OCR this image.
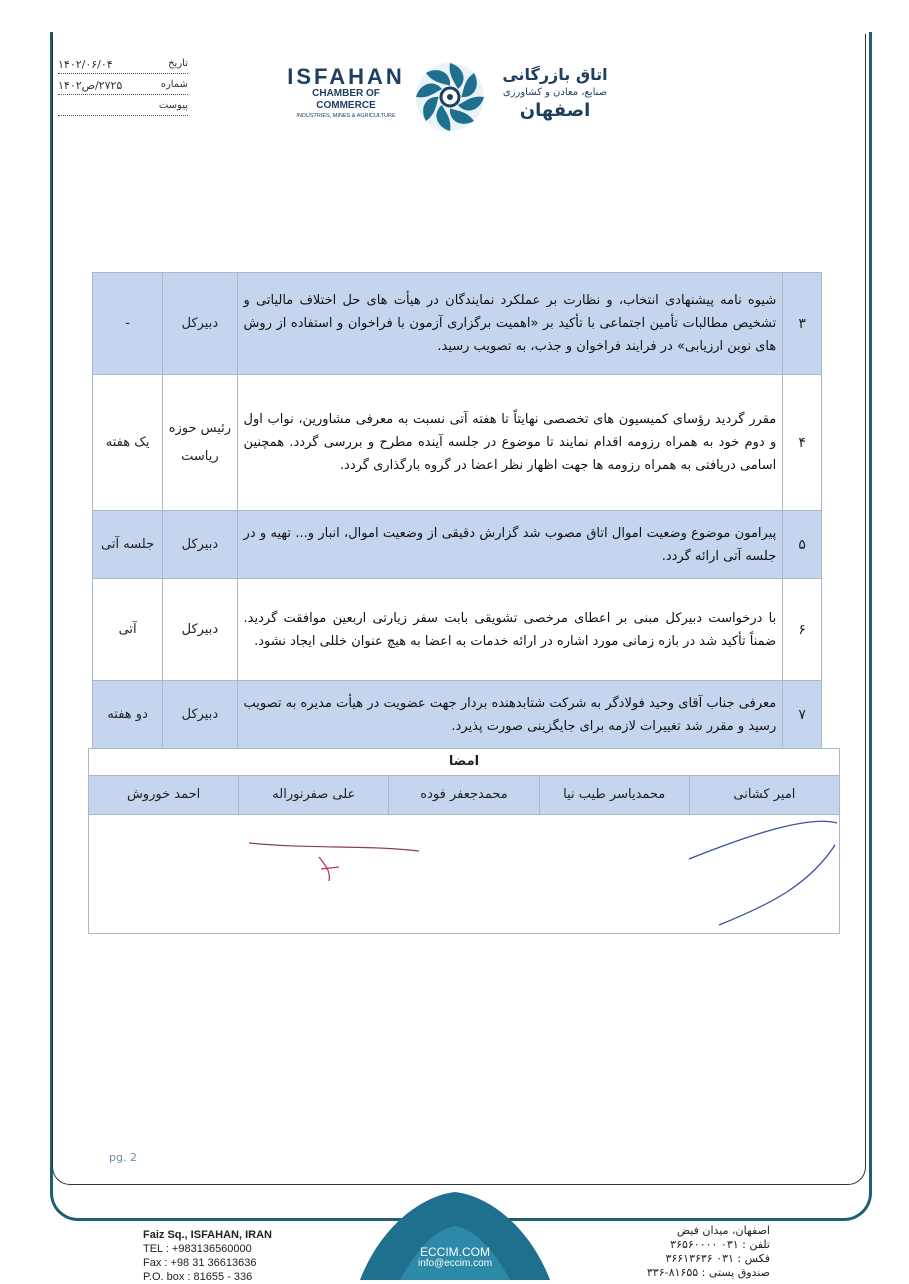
تاریخ
۱۴۰۲/۰۶/۰۴
شماره
۲۷۲۵/ص۱۴۰۲
پیوست
ISFAHAN
CHAMBER OF COMMERCE
INDUSTRIES, MINES & AGRICULTURE
اتاق بازرگانی
صنایع، معادن و کشاورزی
اصفهان
۳	شیوه نامه پیشنهادی انتخاب، و نظارت بر عملکرد نمایندگان در هیأت های حل اختلاف مالیاتی و تشخیص مطالبات تأمین اجتماعی با تأکید بر «اهمیت برگزاری آزمون با فراخوان و استفاده از روش های نوین ارزیابی» در فرایند فراخوان و جذب، به تصویب رسید.	دبیرکل	-
۴	مقرر گردید رؤسای کمیسیون های تخصصی نهایتاً تا هفته آتی نسبت به معرفی مشاورین، نواب اول و دوم خود به همراه رزومه اقدام نمایند تا موضوع در جلسه آینده مطرح و بررسی گردد. همچنین اسامی دریافتی به همراه رزومه ها جهت اظهار نظر اعضا در گروه بارگذاری گردد.	رئیس حوزه ریاست	یک هفته
۵	پیرامون موضوع وضعیت اموال اتاق مصوب شد گزارش دقیقی از وضعیت اموال، انبار و... تهیه و در جلسه آتی ارائه گردد.	دبیرکل	جلسه آتی
۶	با درخواست دبیرکل مبنی بر اعطای مرخصی تشویقی بابت سفر زیارتی اربعین موافقت گردید. ضمناً تأکید شد در بازه زمانی مورد اشاره در ارائه خدمات به اعضا به هیچ عنوان خللی ایجاد نشود.	دبیرکل	آتی
۷	معرفی جناب آقای وحید فولادگر به شرکت شتابدهنده بردار جهت عضویت در هیأت مدیره به تصویب رسید و مقرر شد تغییرات لازمه برای جایگزینی صورت پذیرد.	دبیرکل	دو هفته
امضا
امیر کشانی
محمدیاسر طیب نیا
محمدجعفر فوده
علی صفرنوراله
احمد خوروش
pg. 2
Faiz Sq., ISFAHAN, IRAN
TEL : +983136560000
Fax : +98 31 36613636
P.O. box : 81655 - 336
ECCIM.COM
info@eccim.com
اصفهان، میدان فیض
تلفن : ۰۳۱ ۳۶۵۶۰۰۰۰
فکس : ۰۳۱ ۳۶۶۱۳۶۳۶
صندوق پستی : ۸۱۶۵۵-۳۳۶
